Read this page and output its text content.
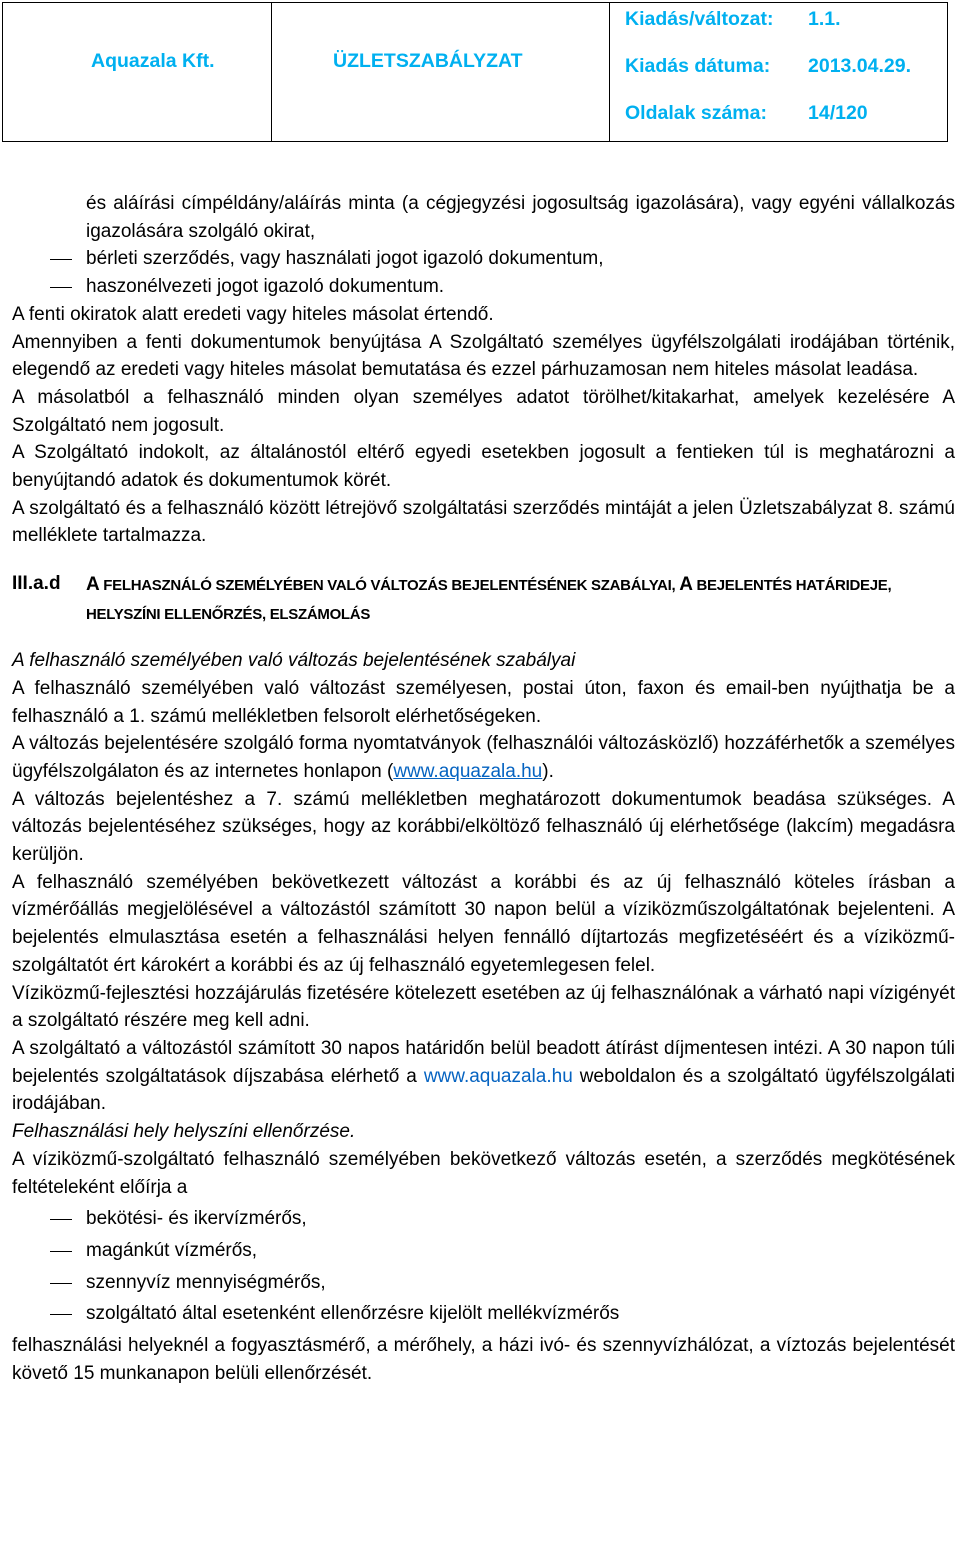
Aquazala Kft.	ÜZLETSZABÁLYZAT
Kiadás/változat: 1.1.
Kiadás dátuma: 2013.04.29.
Oldalak száma: 14/120
és aláírási címpéldány/aláírás minta (a cégjegyzési jogosultság igazolására), vagy egyéni vállalkozás igazolására szolgáló okirat,
bérleti szerződés, vagy használati jogot igazoló dokumentum,
haszonélvezeti jogot igazoló dokumentum.
A fenti okiratok alatt eredeti vagy hiteles másolat értendő.
Amennyiben a fenti dokumentumok benyújtása A Szolgáltató személyes ügyfélszolgálati irodájában történik, elegendő az eredeti vagy hiteles másolat bemutatása és ezzel párhuzamosan nem hiteles másolat leadása.
A másolatból a felhasználó minden olyan személyes adatot törölhet/kitakarhat, amelyek kezelésére A Szolgáltató nem jogosult.
A Szolgáltató indokolt, az általánostól eltérő egyedi esetekben jogosult a fentieken túl is meghatározni a benyújtandó adatok és dokumentumok körét.
A szolgáltató és a felhasználó között létrejövő szolgáltatási szerződés mintáját a jelen Üzletszabályzat 8. számú melléklete tartalmazza.
III.a.d	A FELHASZNÁLÓ SZEMÉLYÉBEN VALÓ VÁLTOZÁS BEJELENTÉSÉNEK SZABÁLYAI, A BEJELENTÉS HATÁRIDEJE, HELYSZÍNI ELLENŐRZÉS, ELSZÁMOLÁS
A felhasználó személyében való változás bejelentésének szabályai
A felhasználó személyében való változást személyesen, postai úton, faxon és email-ben nyújthatja be a felhasználó a 1. számú mellékletben felsorolt elérhetőségeken.
A változás bejelentésére szolgáló forma nyomtatványok (felhasználói változásközlő) hozzáférhetők a személyes ügyfélszolgálaton és az internetes honlapon (www.aquazala.hu).
A változás bejelentéshez a 7. számú mellékletben meghatározott dokumentumok beadása szükséges. A változás bejelentéséhez szükséges, hogy az korábbi/elköltöző felhasználó új elérhetősége (lakcím) megadásra kerüljön.
A felhasználó személyében bekövetkezett változást a korábbi és az új felhasználó köteles írásban a vízmérőállás megjelölésével a változástól számított 30 napon belül a víziközműszolgáltatónak bejelenteni. A bejelentés elmulasztása esetén a felhasználási helyen fennálló díjtartozás megfizetéséért és a víziközmű-szolgáltatót ért károkért a korábbi és az új felhasználó egyetemlegesen felel.
Víziközmű-fejlesztési hozzájárulás fizetésére kötelezett esetében az új felhasználónak a várható napi vízigényét a szolgáltató részére meg kell adni.
A szolgáltató a változástól számított 30 napos határidőn belül beadott átírást díjmentesen intézi. A 30 napon túli bejelentés szolgáltatások díjszabása elérhető a www.aquazala.hu weboldalon és a szolgáltató ügyfélszolgálati irodájában.
Felhasználási hely helyszíni ellenőrzése.
A víziközmű-szolgáltató felhasználó személyében bekövetkező változás esetén, a szerződés megkötésének feltételeként előírja a
bekötési- és ikervízmérős,
magánkút vízmérős,
szennyvíz mennyiségmérős,
szolgáltató által esetenként ellenőrzésre kijelölt mellékvízmérős
felhasználási helyeknél a fogyasztásmérő, a mérőhely, a házi ivó- és szennyvízhálózat, a víztozás bejelentését követő 15 munkanapon belüli ellenőrzését.
